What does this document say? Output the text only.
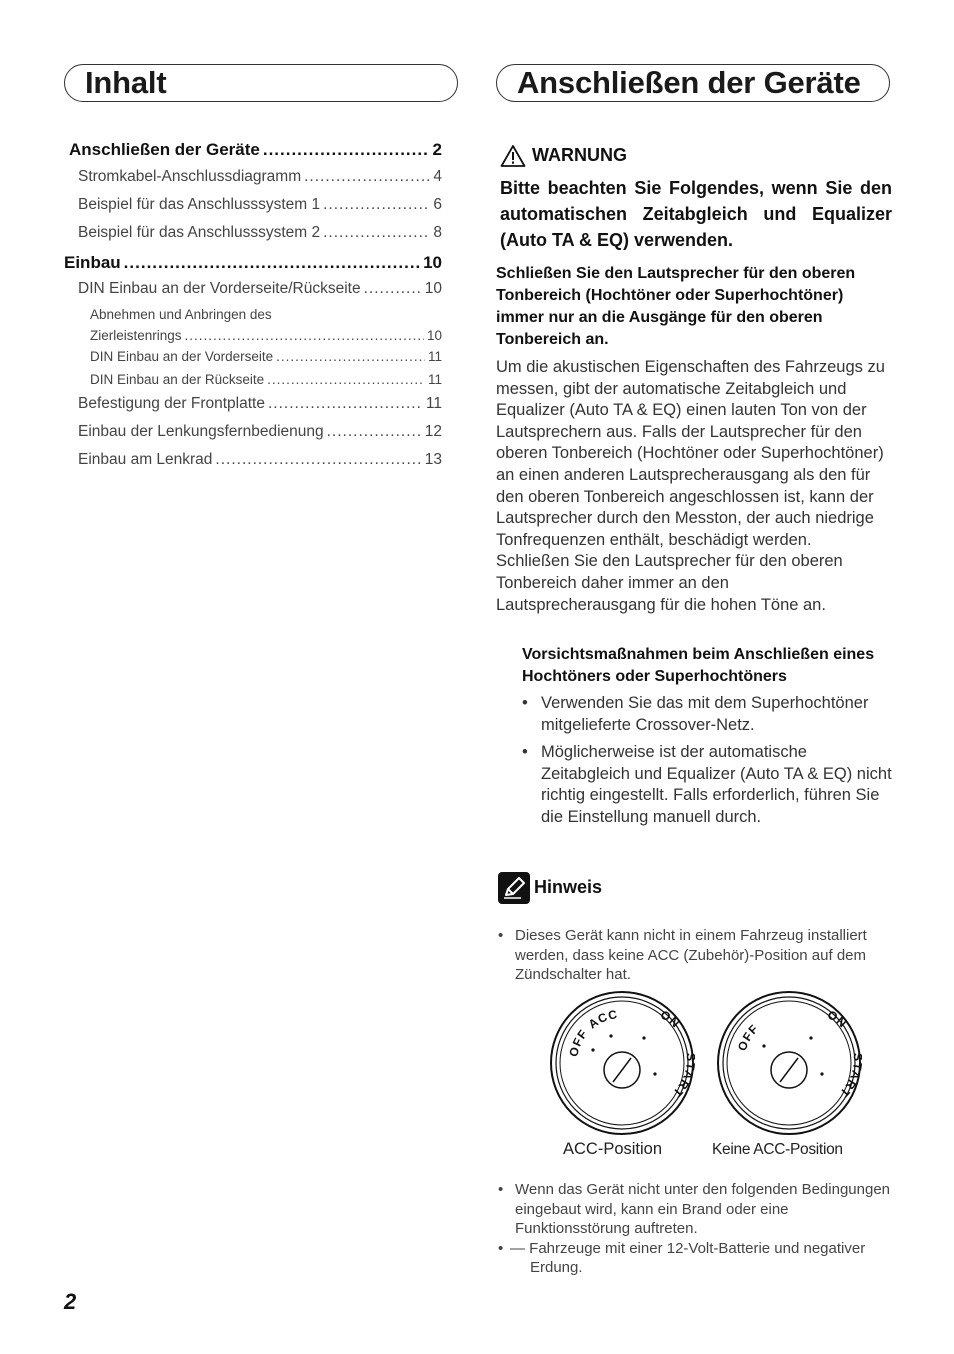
Inhalt	Anschließen der Geräte
Anschließen der Geräte .....	2
Stromkabel-Anschlussdiagramm .....	4
Beispiel für das Anschlusssystem 1 .....	6
Beispiel für das Anschlusssystem 2 .....	8
Einbau .....	10
DIN Einbau an der Vorderseite/Rückseite .....	10
Abnehmen und Anbringen des
Zierleistenrings .....	10
DIN Einbau an der Vorderseite .....	11
DIN Einbau an der Rückseite .....	11
Befestigung der Frontplatte .....	11
Einbau der Lenkungsfernbedienung .....	12
Einbau am Lenkrad .....	13
WARNUNG
Bitte beachten Sie Folgendes, wenn Sie den automatischen Zeitabgleich und Equalizer (Auto TA & EQ) verwenden.
Schließen Sie den Lautsprecher für den oberen Tonbereich (Hochtöner oder Superhochtöner) immer nur an die Ausgänge für den oberen Tonbereich an.
Um die akustischen Eigenschaften des Fahrzeugs zu messen, gibt der automatische Zeitabgleich und Equalizer (Auto TA & EQ) einen lauten Ton von der Lautsprechern aus. Falls der Lautsprecher für den oberen Tonbereich (Hochtöner oder Superhochtöner) an einen anderen Lautsprecherausgang als den für den oberen Tonbereich angeschlossen ist, kann der Lautsprecher durch den Messton, der auch niedrige Tonfrequenzen enthält, beschädigt werden. Schließen Sie den Lautsprecher für den oberen Tonbereich daher immer an den Lautsprecherausgang für die hohen Töne an.
Vorsichtsmaßnahmen beim Anschließen eines Hochtöners oder Superhochtöners
• Verwenden Sie das mit dem Superhochtöner mitgelieferte Crossover-Netz.
• Möglicherweise ist der automatische Zeitabgleich und Equalizer (Auto TA & EQ) nicht richtig eingestellt. Falls erforderlich, führen Sie die Einstellung manuell durch.
Hinweis
• Dieses Gerät kann nicht in einem Fahrzeug installiert werden, dass keine ACC (Zubehör)-Position auf dem Zündschalter hat.
• Wenn das Gerät nicht unter den folgenden Bedingungen eingebaut wird, kann ein Brand oder eine Funktionsstörung auftreten.
• — Fahrzeuge mit einer 12-Volt-Batterie und negativer Erdung.
OFF
ACC	ON
ART
ACC-Position
OFF
ON
ART
Keine ACC-Position
2
